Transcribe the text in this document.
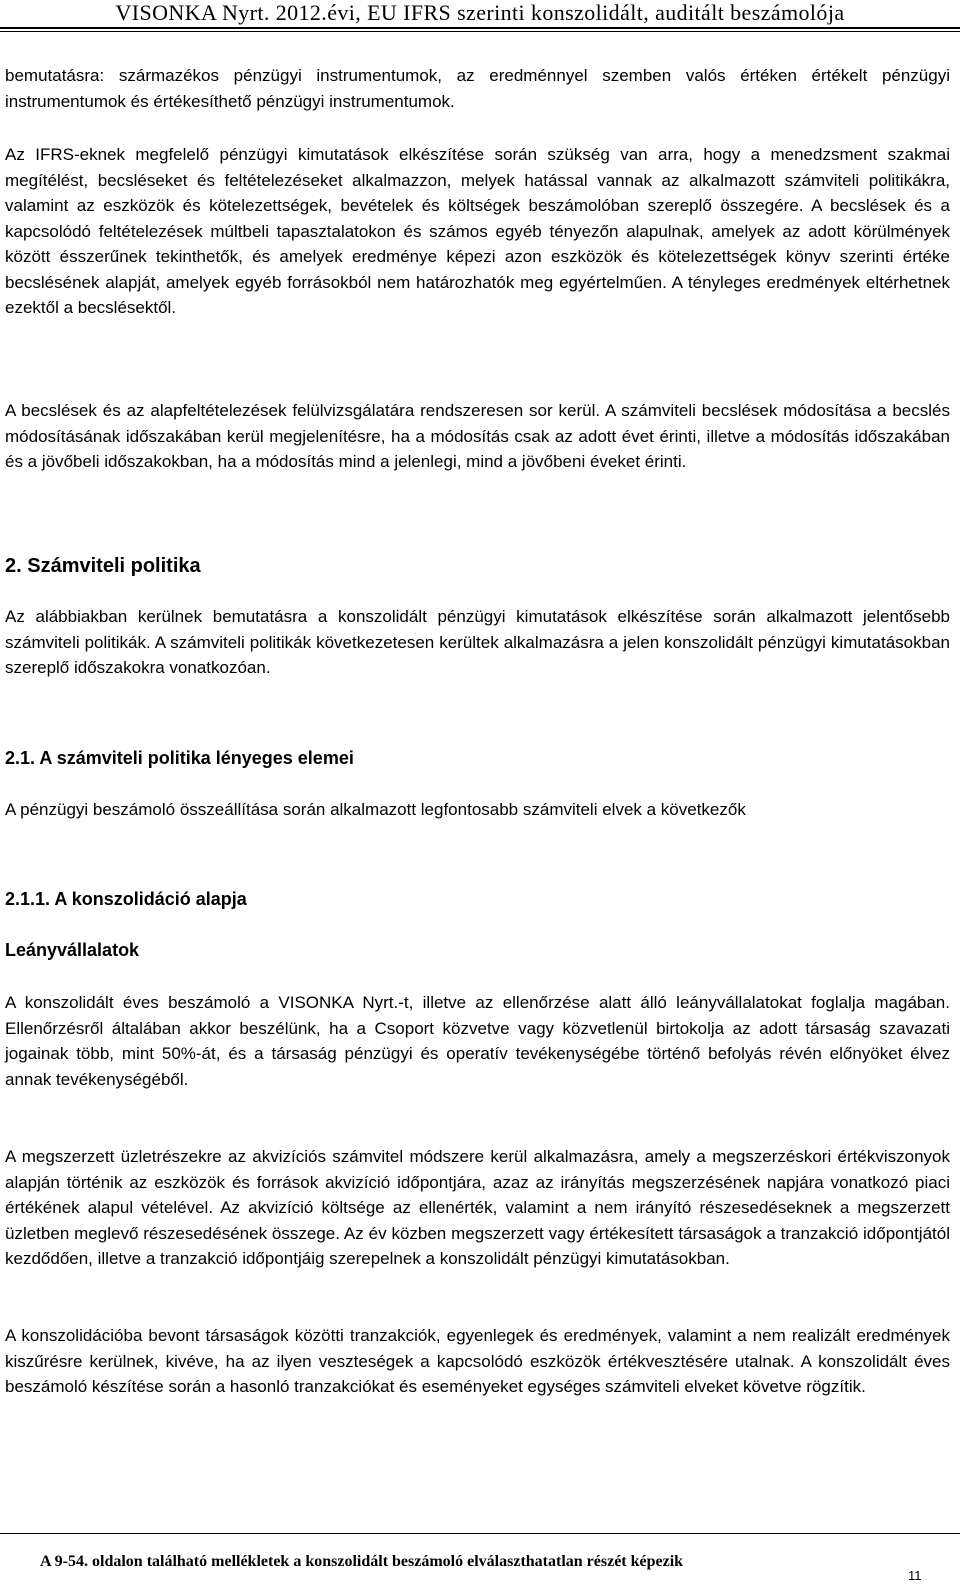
VISONKA Nyrt. 2012.évi, EU IFRS szerinti konszolidált, auditált beszámolója

bemutatásra: származékos pénzügyi instrumentumok, az eredménnyel szemben valós értéken értékelt pénzügyi instrumentumok és értékesíthető pénzügyi instrumentumok.

Az IFRS-eknek megfelelő pénzügyi kimutatások elkészítése során szükség van arra, hogy a menedzsment szakmai megítélést, becsléseket és feltételezéseket alkalmazzon, melyek hatással vannak az alkalmazott számviteli politikákra, valamint az eszközök és kötelezettségek, bevételek és költségek beszámolóban szereplő összegére. A becslések és a kapcsolódó feltételezések múltbeli tapasztalatokon és számos egyéb tényezőn alapulnak, amelyek az adott körülmények között ésszerűnek tekinthetők, és amelyek eredménye képezi azon eszközök és kötelezettségek könyv szerinti értéke becslésének alapját, amelyek egyéb forrásokból nem határozhatók meg egyértelműen. A tényleges eredmények eltérhetnek ezektől a becslésektől.

A becslések és az alapfeltételezések felülvizsgálatára rendszeresen sor kerül. A számviteli becslések módosítása a becslés módosításának időszakában kerül megjelenítésre, ha a módosítás csak az adott évet érinti, illetve a módosítás időszakában és a jövőbeli időszakokban, ha a módosítás mind a jelenlegi, mind a jövőbeni éveket érinti.

2. Számviteli politika

Az alábbiakban kerülnek bemutatásra a konszolidált pénzügyi kimutatások elkészítése során alkalmazott jelentősebb számviteli politikák. A számviteli politikák következetesen kerültek alkalmazásra a jelen konszolidált pénzügyi kimutatásokban szereplő időszakokra vonatkozóan.

2.1. A számviteli politika lényeges elemei

A pénzügyi beszámoló összeállítása során alkalmazott legfontosabb számviteli elvek a következők

2.1.1. A konszolidáció alapja
Leányvállalatok

A konszolidált éves beszámoló a VISONKA Nyrt.-t, illetve az ellenőrzése alatt álló leányvállalatokat foglalja magában. Ellenőrzésről általában akkor beszélünk, ha a Csoport közvetve vagy közvetlenül birtokolja az adott társaság szavazati jogainak több, mint 50%-át, és a társaság pénzügyi és operatív tevékenységébe történő befolyás révén előnyöket élvez annak tevékenységéből.

A megszerzett üzletrészekre az akvizíciós számvitel módszere kerül alkalmazásra, amely a megszerzéskori értékviszonyok alapján történik az eszközök és források akvizíció időpontjára, azaz az irányítás megszerzésének napjára vonatkozó piaci értékének alapul vételével. Az akvizíció költsége az ellenérték, valamint a nem irányító részesedéseknek a megszerzett üzletben meglevő részesedésének összege. Az év közben megszerzett vagy értékesített társaságok a tranzakció időpontjától kezdődően, illetve a tranzakció időpontjáig szerepelnek a konszolidált pénzügyi kimutatásokban.

A konszolidációba bevont társaságok közötti tranzakciók, egyenlegek és eredmények, valamint a nem realizált eredmények kiszűrésre kerülnek, kivéve, ha az ilyen veszteségek a kapcsolódó eszközök értékvesztésére utalnak. A konszolidált éves beszámoló készítése során a hasonló tranzakciókat és eseményeket egységes számviteli elveket követve rögzítik.

A 9-54. oldalon található mellékletek a konszolidált beszámoló elválaszthatatlan részét képezik

11
